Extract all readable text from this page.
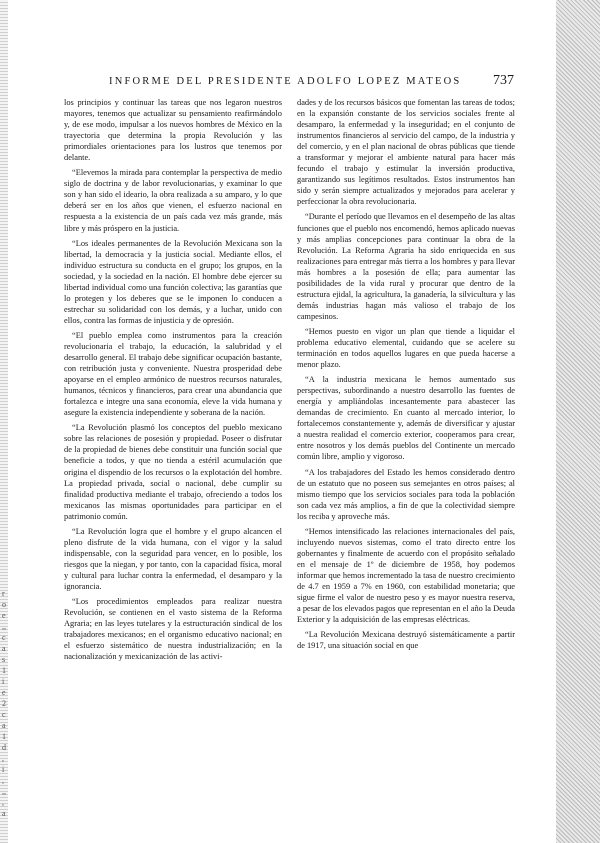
r o e ,, c a s 1 i e 2 c a 1 d , i , ,, , a
INFORME DEL PRESIDENTE ADOLFO LOPEZ MATEOS 737

los principios y continuar las tareas que nos legaron nuestros mayores, tenemos que actualizar su pensamiento reafirmándolo y, de ese modo, impulsar a los nuevos hombres de México en la trayectoria que determina la propia Revolución y las primordiales orientaciones para los lustros que tenemos por delante.

“Elevemos la mirada para contemplar la perspectiva de medio siglo de doctrina y de labor revolucionarias, y examinar lo que son y han sido el ideario, la obra realizada a su amparo, y lo que deberá ser en los años que vienen, el esfuerzo nacional en respuesta a la existencia de un país cada vez más grande, más libre y más próspero en la justicia.

“Los ideales permanentes de la Revolución Mexicana son la libertad, la democracia y la justicia social. Mediante ellos, el individuo estructura su conducta en el grupo; los grupos, en la sociedad, y la sociedad en la nación. El hombre debe ejercer su libertad individual como una función colectiva; las garantías que lo protegen y los deberes que se le imponen lo conducen a estrechar su solidaridad con los demás, y a luchar, unido con ellos, contra las formas de injusticia y de opresión.

“El pueblo emplea como instrumentos para la creación revolucionaria el trabajo, la educación, la salubridad y el desarrollo general. El trabajo debe significar ocupación bastante, con retribución justa y conveniente. Nuestra prosperidad debe apoyarse en el empleo armónico de nuestros recursos naturales, humanos, técnicos y financieros, para crear una abundancia que fortalezca e integre una sana economía, eleve la vida humana y asegure la existencia independiente y soberana de la nación.

“La Revolución plasmó los conceptos del pueblo mexicano sobre las relaciones de posesión y propiedad. Poseer o disfrutar de la propiedad de bienes debe constituir una función social que beneficie a todos, y que no tienda a estéril acumulación que origina el dispendio de los recursos o la explotación del hombre. La propiedad privada, social o nacional, debe cumplir su finalidad productiva mediante el trabajo, ofreciendo a todos los mexicanos las mismas oportunidades para participar en el patrimonio común.

“La Revolución logra que el hombre y el grupo alcancen el pleno disfrute de la vida humana, con el vigor y la salud indispensable, con la seguridad para vencer, en lo posible, los riesgos que la niegan, y por tanto, con la capacidad física, moral y cultural para luchar contra la enfermedad, el desamparo y la ignorancia.

“Los procedimientos empleados para realizar nuestra Revolución, se contienen en el vasto sistema de la Reforma Agraria; en las leyes tutelares y la estructuración sindical de los trabajadores mexicanos; en el organismo educativo nacional; en el esfuerzo sistemático de nuestra industrialización; en la nacionalización y mexicanización de las activi-

dades y de los recursos básicos que fomentan las tareas de todos; en la expansión constante de los servicios sociales frente al desamparo, la enfermedad y la inseguridad; en el conjunto de instrumentos financieros al servicio del campo, de la industria y del comercio, y en el plan nacional de obras públicas que tiende a transformar y mejorar el ambiente natural para hacer más fecundo el trabajo y estimular la inversión productiva, garantizando sus legítimos resultados. Estos instrumentos han sido y serán siempre actualizados y mejorados para acelerar y perfeccionar la obra revolucionaria.

“Durante el período que llevamos en el desempeño de las altas funciones que el pueblo nos encomendó, hemos aplicado nuevas y más amplias concepciones para continuar la obra de la Revolución. La Reforma Agraria ha sido enriquecida en sus realizaciones para entregar más tierra a los hombres y para llevar más hombres a la posesión de ella; para aumentar las posibilidades de la vida rural y procurar que dentro de la estructura ejidal, la agricultura, la ganadería, la silvicultura y las demás industrias hagan más valioso el trabajo de los campesinos.

“Hemos puesto en vigor un plan que tiende a liquidar el problema educativo elemental, cuidando que se acelere su terminación en todos aquellos lugares en que pueda hacerse a menor plazo.

“A la industria mexicana le hemos aumentado sus perspectivas, subordinando a nuestro desarrollo las fuentes de energía y ampliándolas incesantemente para abastecer las demandas de crecimiento. En cuanto al mercado interior, lo fortalecemos constantemente y, además de diversificar y ajustar a nuestra realidad el comercio exterior, cooperamos para crear, entre nosotros y los demás pueblos del Continente un mercado común libre, amplio y vigoroso.

“A los trabajadores del Estado les hemos considerado dentro de un estatuto que no poseen sus semejantes en otros países; al mismo tiempo que los servicios sociales para toda la población son cada vez más amplios, a fin de que la colectividad siempre los reciba y aproveche más.

“Hemos intensificado las relaciones internacionales del país, incluyendo nuevos sistemas, como el trato directo entre los gobernantes y finalmente de acuerdo con el propósito señalado en el mensaje de 1º de diciembre de 1958, hoy podemos informar que hemos incrementado la tasa de nuestro crecimiento de 4.7 en 1959 a 7% en 1960, con estabilidad monetaria; que sigue firme el valor de nuestro peso y es mayor nuestra reserva, a pesar de los elevados pagos que representan en el año la Deuda Exterior y la adquisición de las empresas eléctricas.

“La Revolución Mexicana destruyó sistemáticamente a partir de 1917, una situación social en que
